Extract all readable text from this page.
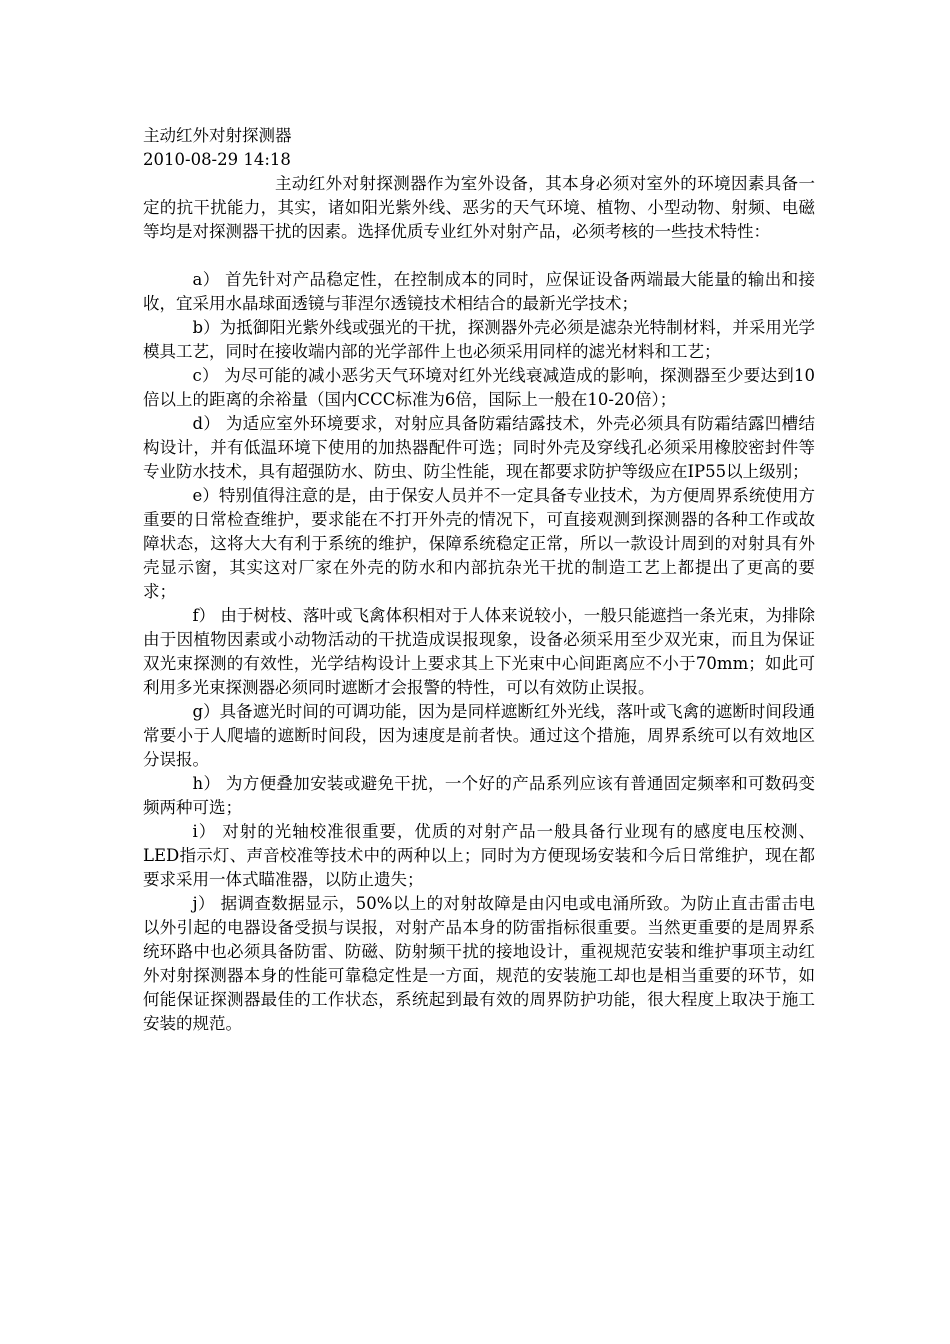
主动红外对射探测器
2010-08-29 14:18

主动红外对射探测器作为室外设备，其本身必须对室外的环境因素具备一定的抗干扰能力，其实，诸如阳光紫外线、恶劣的天气环境、植物、小型动物、射频、电磁等均是对探测器干扰的因素。选择优质专业红外对射产品，必须考核的一些技术特性：

a） 首先针对产品稳定性，在控制成本的同时，应保证设备两端最大能量的输出和接收，宜采用水晶球面透镜与菲涅尔透镜技术相结合的最新光学技术；

b）为抵御阳光紫外线或强光的干扰，探测器外壳必须是滤杂光特制材料，并采用光学模具工艺，同时在接收端内部的光学部件上也必须采用同样的滤光材料和工艺；

c） 为尽可能的减小恶劣天气环境对红外光线衰减造成的影响，探测器至少要达到10倍以上的距离的余裕量（国内CCC标准为6倍，国际上一般在10-20倍）；

d） 为适应室外环境要求，对射应具备防霜结露技术，外壳必须具有防霜结露凹槽结构设计，并有低温环境下使用的加热器配件可选；同时外壳及穿线孔必须采用橡胶密封件等专业防水技术，具有超强防水、防虫、防尘性能，现在都要求防护等级应在IP55以上级别；

e）特别值得注意的是，由于保安人员并不一定具备专业技术，为方便周界系统使用方重要的日常检查维护，要求能在不打开外壳的情况下，可直接观测到探测器的各种工作或故障状态，这将大大有利于系统的维护，保障系统稳定正常，所以一款设计周到的对射具有外壳显示窗，其实这对厂家在外壳的防水和内部抗杂光干扰的制造工艺上都提出了更高的要求；

f） 由于树枝、落叶或飞禽体积相对于人体来说较小，一般只能遮挡一条光束，为排除由于因植物因素或小动物活动的干扰造成误报现象，设备必须采用至少双光束，而且为保证双光束探测的有效性，光学结构设计上要求其上下光束中心间距离应不小于70mm；如此可利用多光束探测器必须同时遮断才会报警的特性，可以有效防止误报。

g）具备遮光时间的可调功能，因为是同样遮断红外光线，落叶或飞禽的遮断时间段通常要小于人爬墙的遮断时间段，因为速度是前者快。通过这个措施，周界系统可以有效地区分误报。

h） 为方便叠加安装或避免干扰，一个好的产品系列应该有普通固定频率和可数码变频两种可选；

i） 对射的光轴校准很重要，优质的对射产品一般具备行业现有的感度电压校测、LED指示灯、声音校准等技术中的两种以上；同时为方便现场安装和今后日常维护，现在都要求采用一体式瞄准器，以防止遗失；

j） 据调查数据显示，50%以上的对射故障是由闪电或电涌所致。为防止直击雷击电以外引起的电器设备受损与误报，对射产品本身的防雷指标很重要。当然更重要的是周界系统环路中也必须具备防雷、防磁、防射频干扰的接地设计，重视规范安装和维护事项主动红外对射探测器本身的性能可靠稳定性是一方面，规范的安装施工却也是相当重要的环节，如何能保证探测器最佳的工作状态，系统起到最有效的周界防护功能，很大程度上取决于施工安装的规范。
